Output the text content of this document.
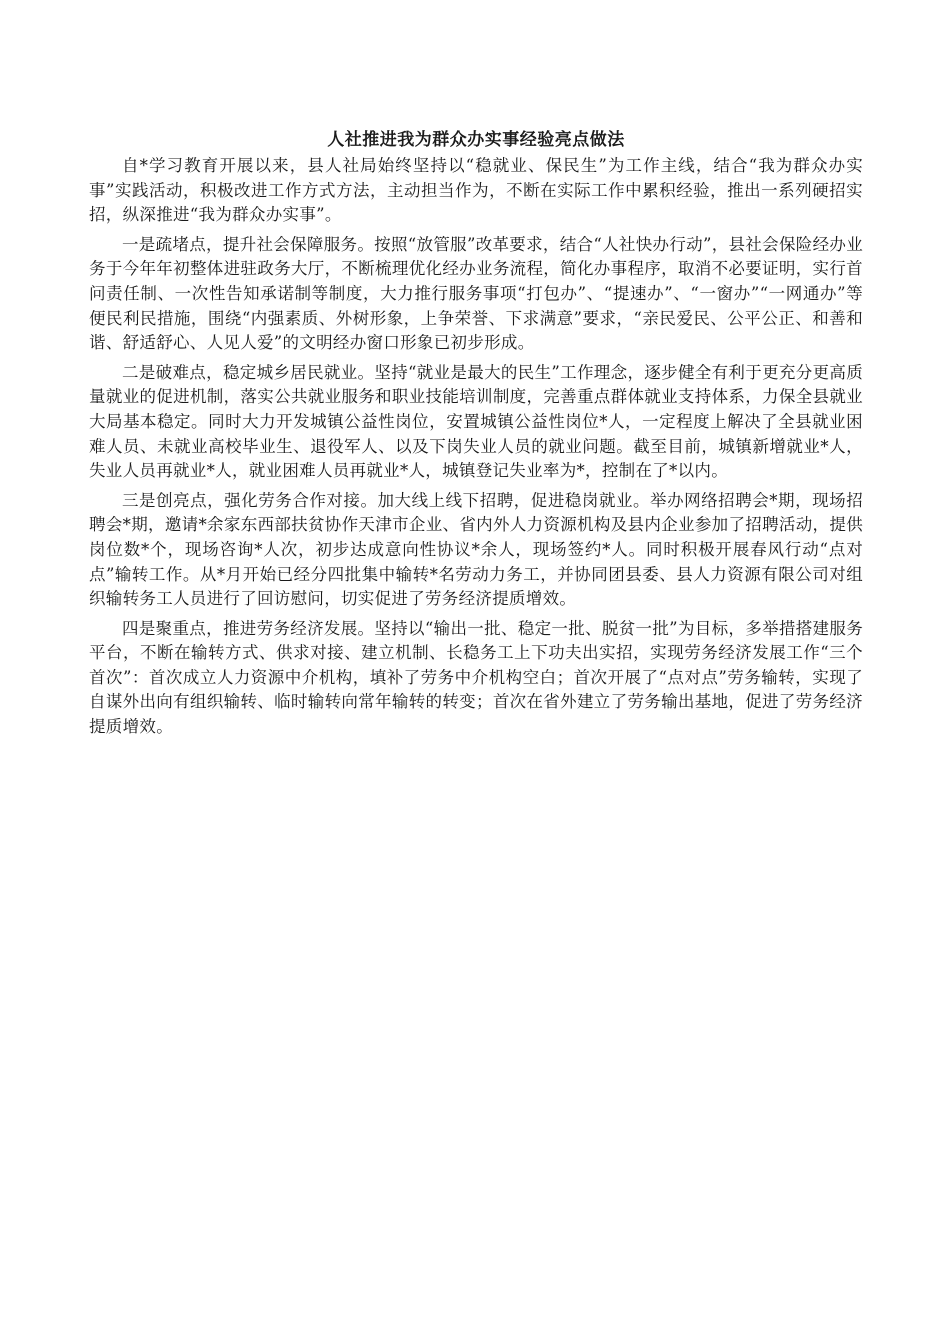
人社推进我为群众办实事经验亮点做法

自*学习教育开展以来，县人社局始终坚持以“稳就业、保民生”为工作主线，结合“我为群众办实事”实践活动，积极改进工作方式方法，主动担当作为，不断在实际工作中累积经验，推出一系列硬招实招，纵深推进“我为群众办实事”。

一是疏堵点，提升社会保障服务。按照“放管服”改革要求，结合“人社快办行动”，县社会保险经办业务于今年年初整体进驻政务大厅，不断梳理优化经办业务流程，简化办事程序，取消不必要证明，实行首问责任制、一次性告知承诺制等制度，大力推行服务事项“打包办”、“提速办”、“一窗办”“一网通办”等便民利民措施，围绕“内强素质、外树形象，上争荣誉、下求满意”要求，“亲民爱民、公平公正、和善和谐、舒适舒心、人见人爱”的文明经办窗口形象已初步形成。

二是破难点，稳定城乡居民就业。坚持“就业是最大的民生”工作理念，逐步健全有利于更充分更高质量就业的促进机制，落实公共就业服务和职业技能培训制度，完善重点群体就业支持体系，力保全县就业大局基本稳定。同时大力开发城镇公益性岗位，安置城镇公益性岗位*人，一定程度上解决了全县就业困难人员、未就业高校毕业生、退役军人、以及下岗失业人员的就业问题。截至目前，城镇新增就业*人，失业人员再就业*人，就业困难人员再就业*人，城镇登记失业率为*，控制在了*以内。

三是创亮点，强化劳务合作对接。加大线上线下招聘，促进稳岗就业。举办网络招聘会*期，现场招聘会*期，邀请*余家东西部扶贫协作天津市企业、省内外人力资源机构及县内企业参加了招聘活动，提供岗位数*个，现场咨询*人次，初步达成意向性协议*余人，现场签约*人。同时积极开展春风行动“点对点”输转工作。从*月开始已经分四批集中输转*名劳动力务工，并协同团县委、县人力资源有限公司对组织输转务工人员进行了回访慰问，切实促进了劳务经济提质增效。

四是聚重点，推进劳务经济发展。坚持以“输出一批、稳定一批、脱贫一批”为目标，多举措搭建服务平台，不断在输转方式、供求对接、建立机制、长稳务工上下功夫出实招，实现劳务经济发展工作“三个首次”：首次成立人力资源中介机构，填补了劳务中介机构空白；首次开展了“点对点”劳务输转，实现了自谋外出向有组织输转、临时输转向常年输转的转变；首次在省外建立了劳务输出基地，促进了劳务经济提质增效。
